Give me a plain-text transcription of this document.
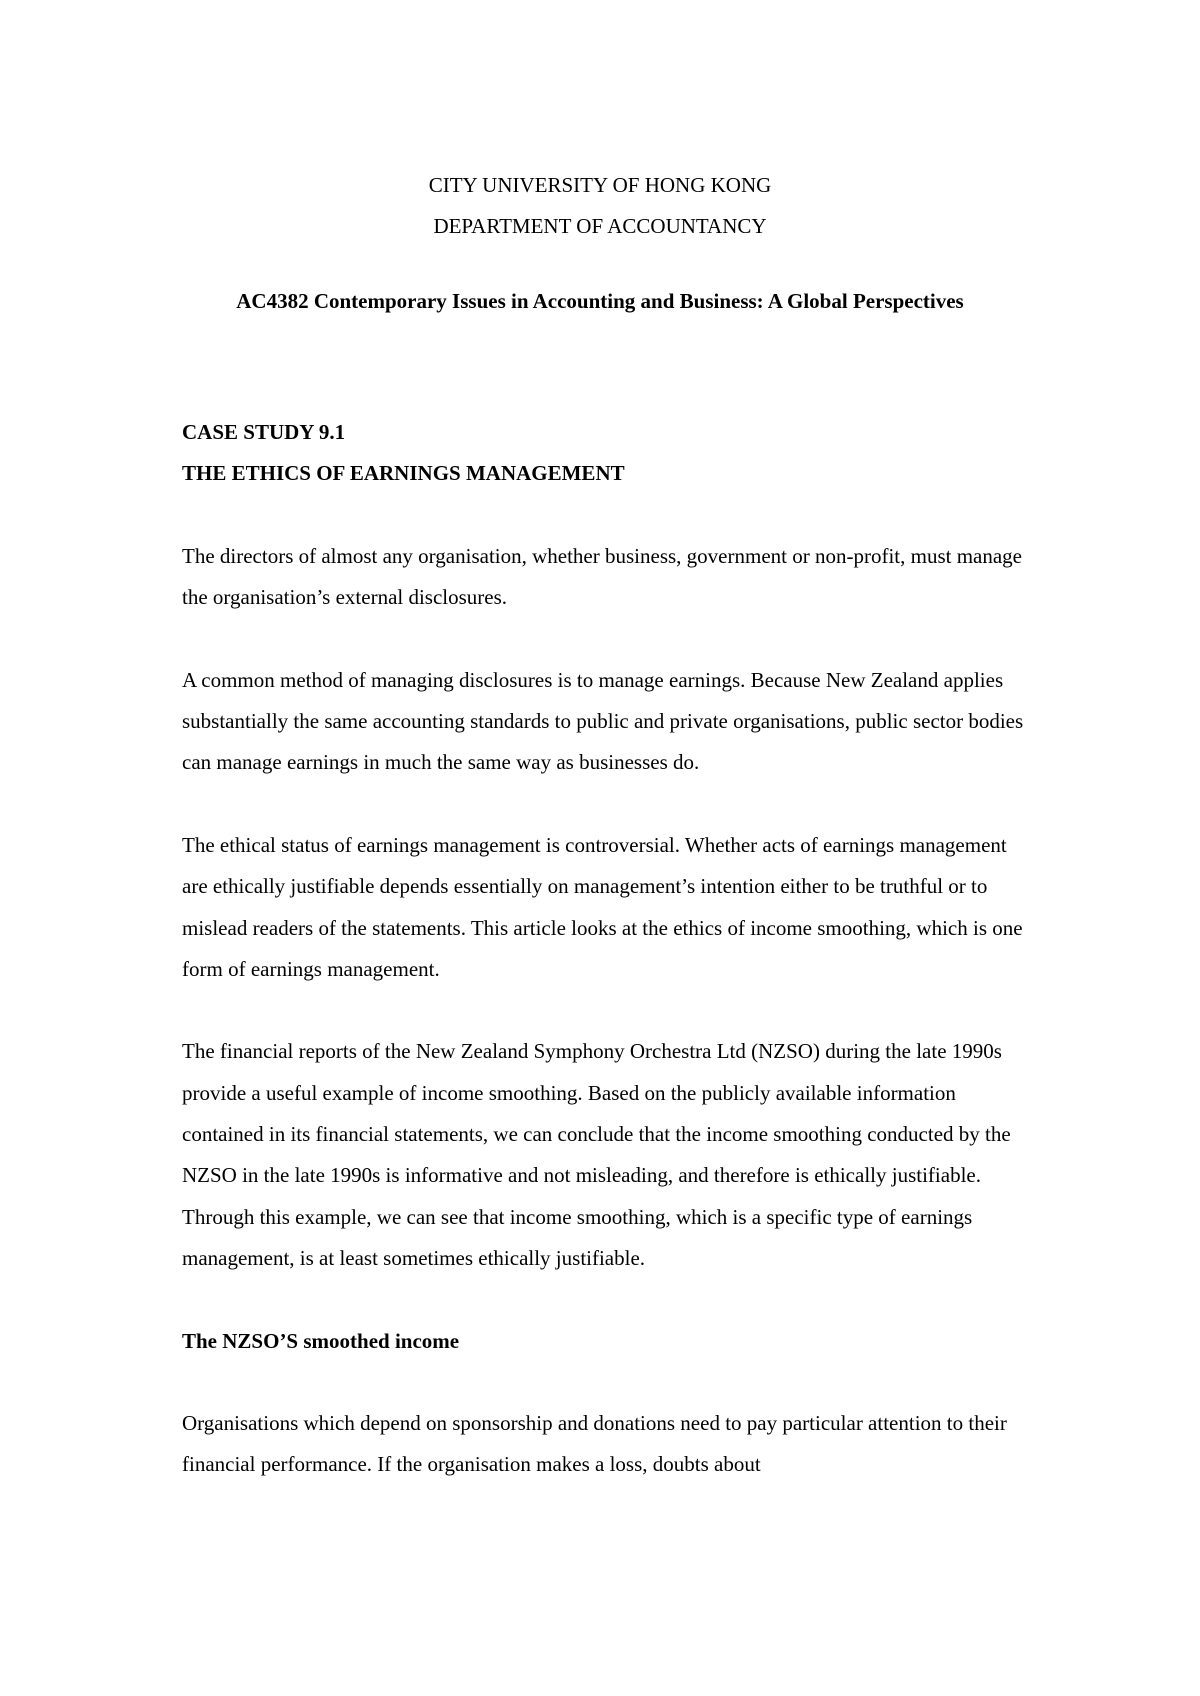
CITY UNIVERSITY OF HONG KONG

DEPARTMENT OF ACCOUNTANCY

AC4382 Contemporary Issues in Accounting and Business: A Global Perspectives

CASE STUDY 9.1

THE ETHICS OF EARNINGS MANAGEMENT

The directors of almost any organisation, whether business, government or non-profit, must manage the organisation’s external disclosures.

A common method of managing disclosures is to manage earnings. Because New Zealand applies substantially the same accounting standards to public and private organisations, public sector bodies can manage earnings in much the same way as businesses do.

The ethical status of earnings management is controversial. Whether acts of earnings management are ethically justifiable depends essentially on management’s intention either to be truthful or to mislead readers of the statements. This article looks at the ethics of income smoothing, which is one form of earnings management.

The financial reports of the New Zealand Symphony Orchestra Ltd (NZSO) during the late 1990s provide a useful example of income smoothing. Based on the publicly available information contained in its financial statements, we can conclude that the income smoothing conducted by the NZSO in the late 1990s is informative and not misleading, and therefore is ethically justifiable. Through this example, we can see that income smoothing, which is a specific type of earnings management, is at least sometimes ethically justifiable.

The NZSO’S smoothed income

Organisations which depend on sponsorship and donations need to pay particular attention to their financial performance. If the organisation makes a loss, doubts about
